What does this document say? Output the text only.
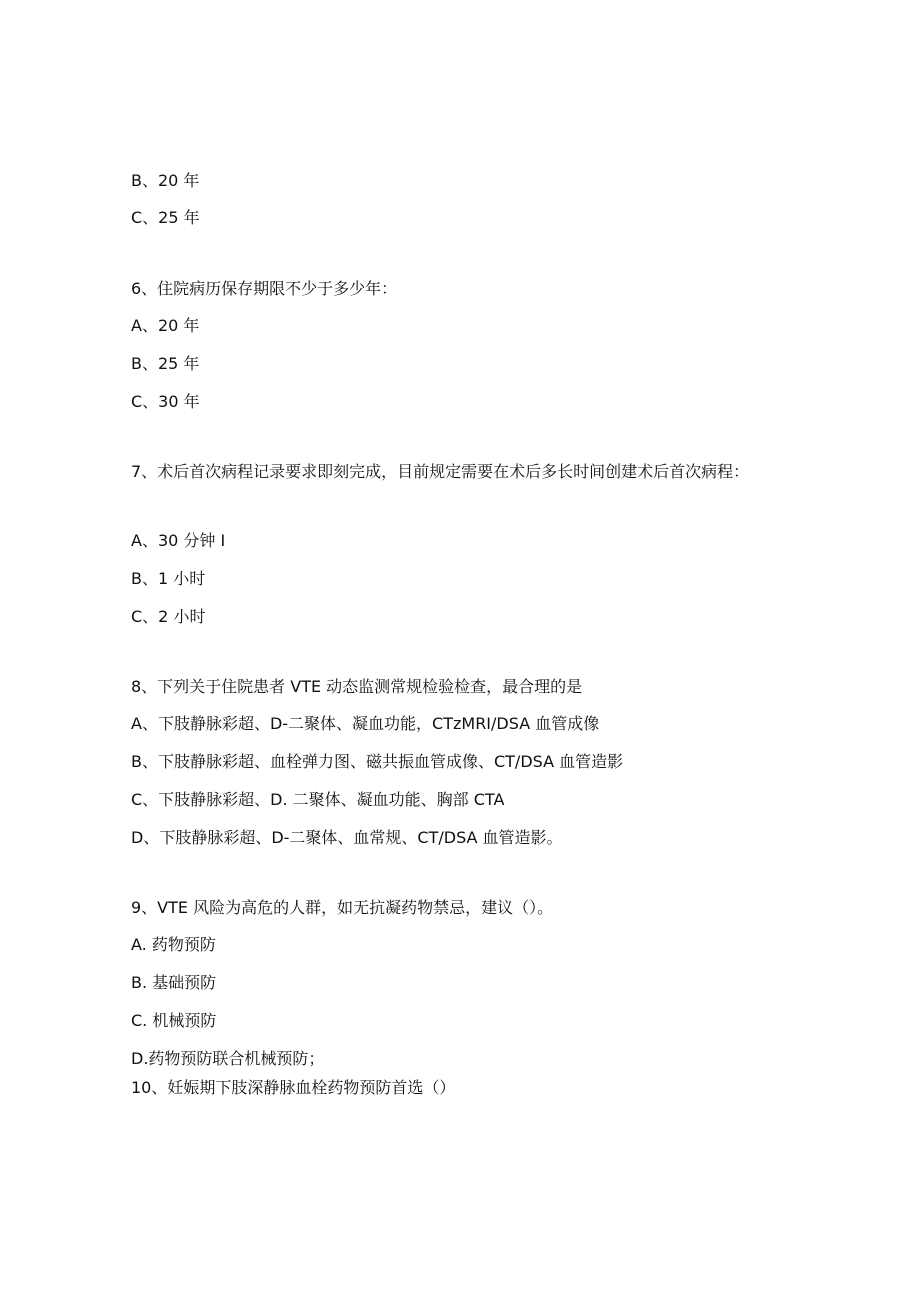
B、20 年
C、25 年
6、住院病历保存期限不少于多少年：
A、20 年
B、25 年
C、30 年
7、术后首次病程记录要求即刻完成，目前规定需要在术后多长时间创建术后首次病程：
A、30 分钟 I
B、1 小时
C、2 小时
8、下列关于住院患者 VTE 动态监测常规检验检查，最合理的是
A、下肢静脉彩超、D-二聚体、凝血功能，CTzMRI/DSA 血管成像
B、下肢静脉彩超、血栓弹力图、磁共振血管成像、CT/DSA 血管造影
C、下肢静脉彩超、D. 二聚体、凝血功能、胸部 CTA
D、下肢静脉彩超、D-二聚体、血常规、CT/DSA 血管造影。
9、VTE 风险为高危的人群，如无抗凝药物禁忌，建议（）。
A. 药物预防
B. 基础预防
C. 机械预防
D.药物预防联合机械预防；
10、妊娠期下肢深静脉血栓药物预防首选（）
